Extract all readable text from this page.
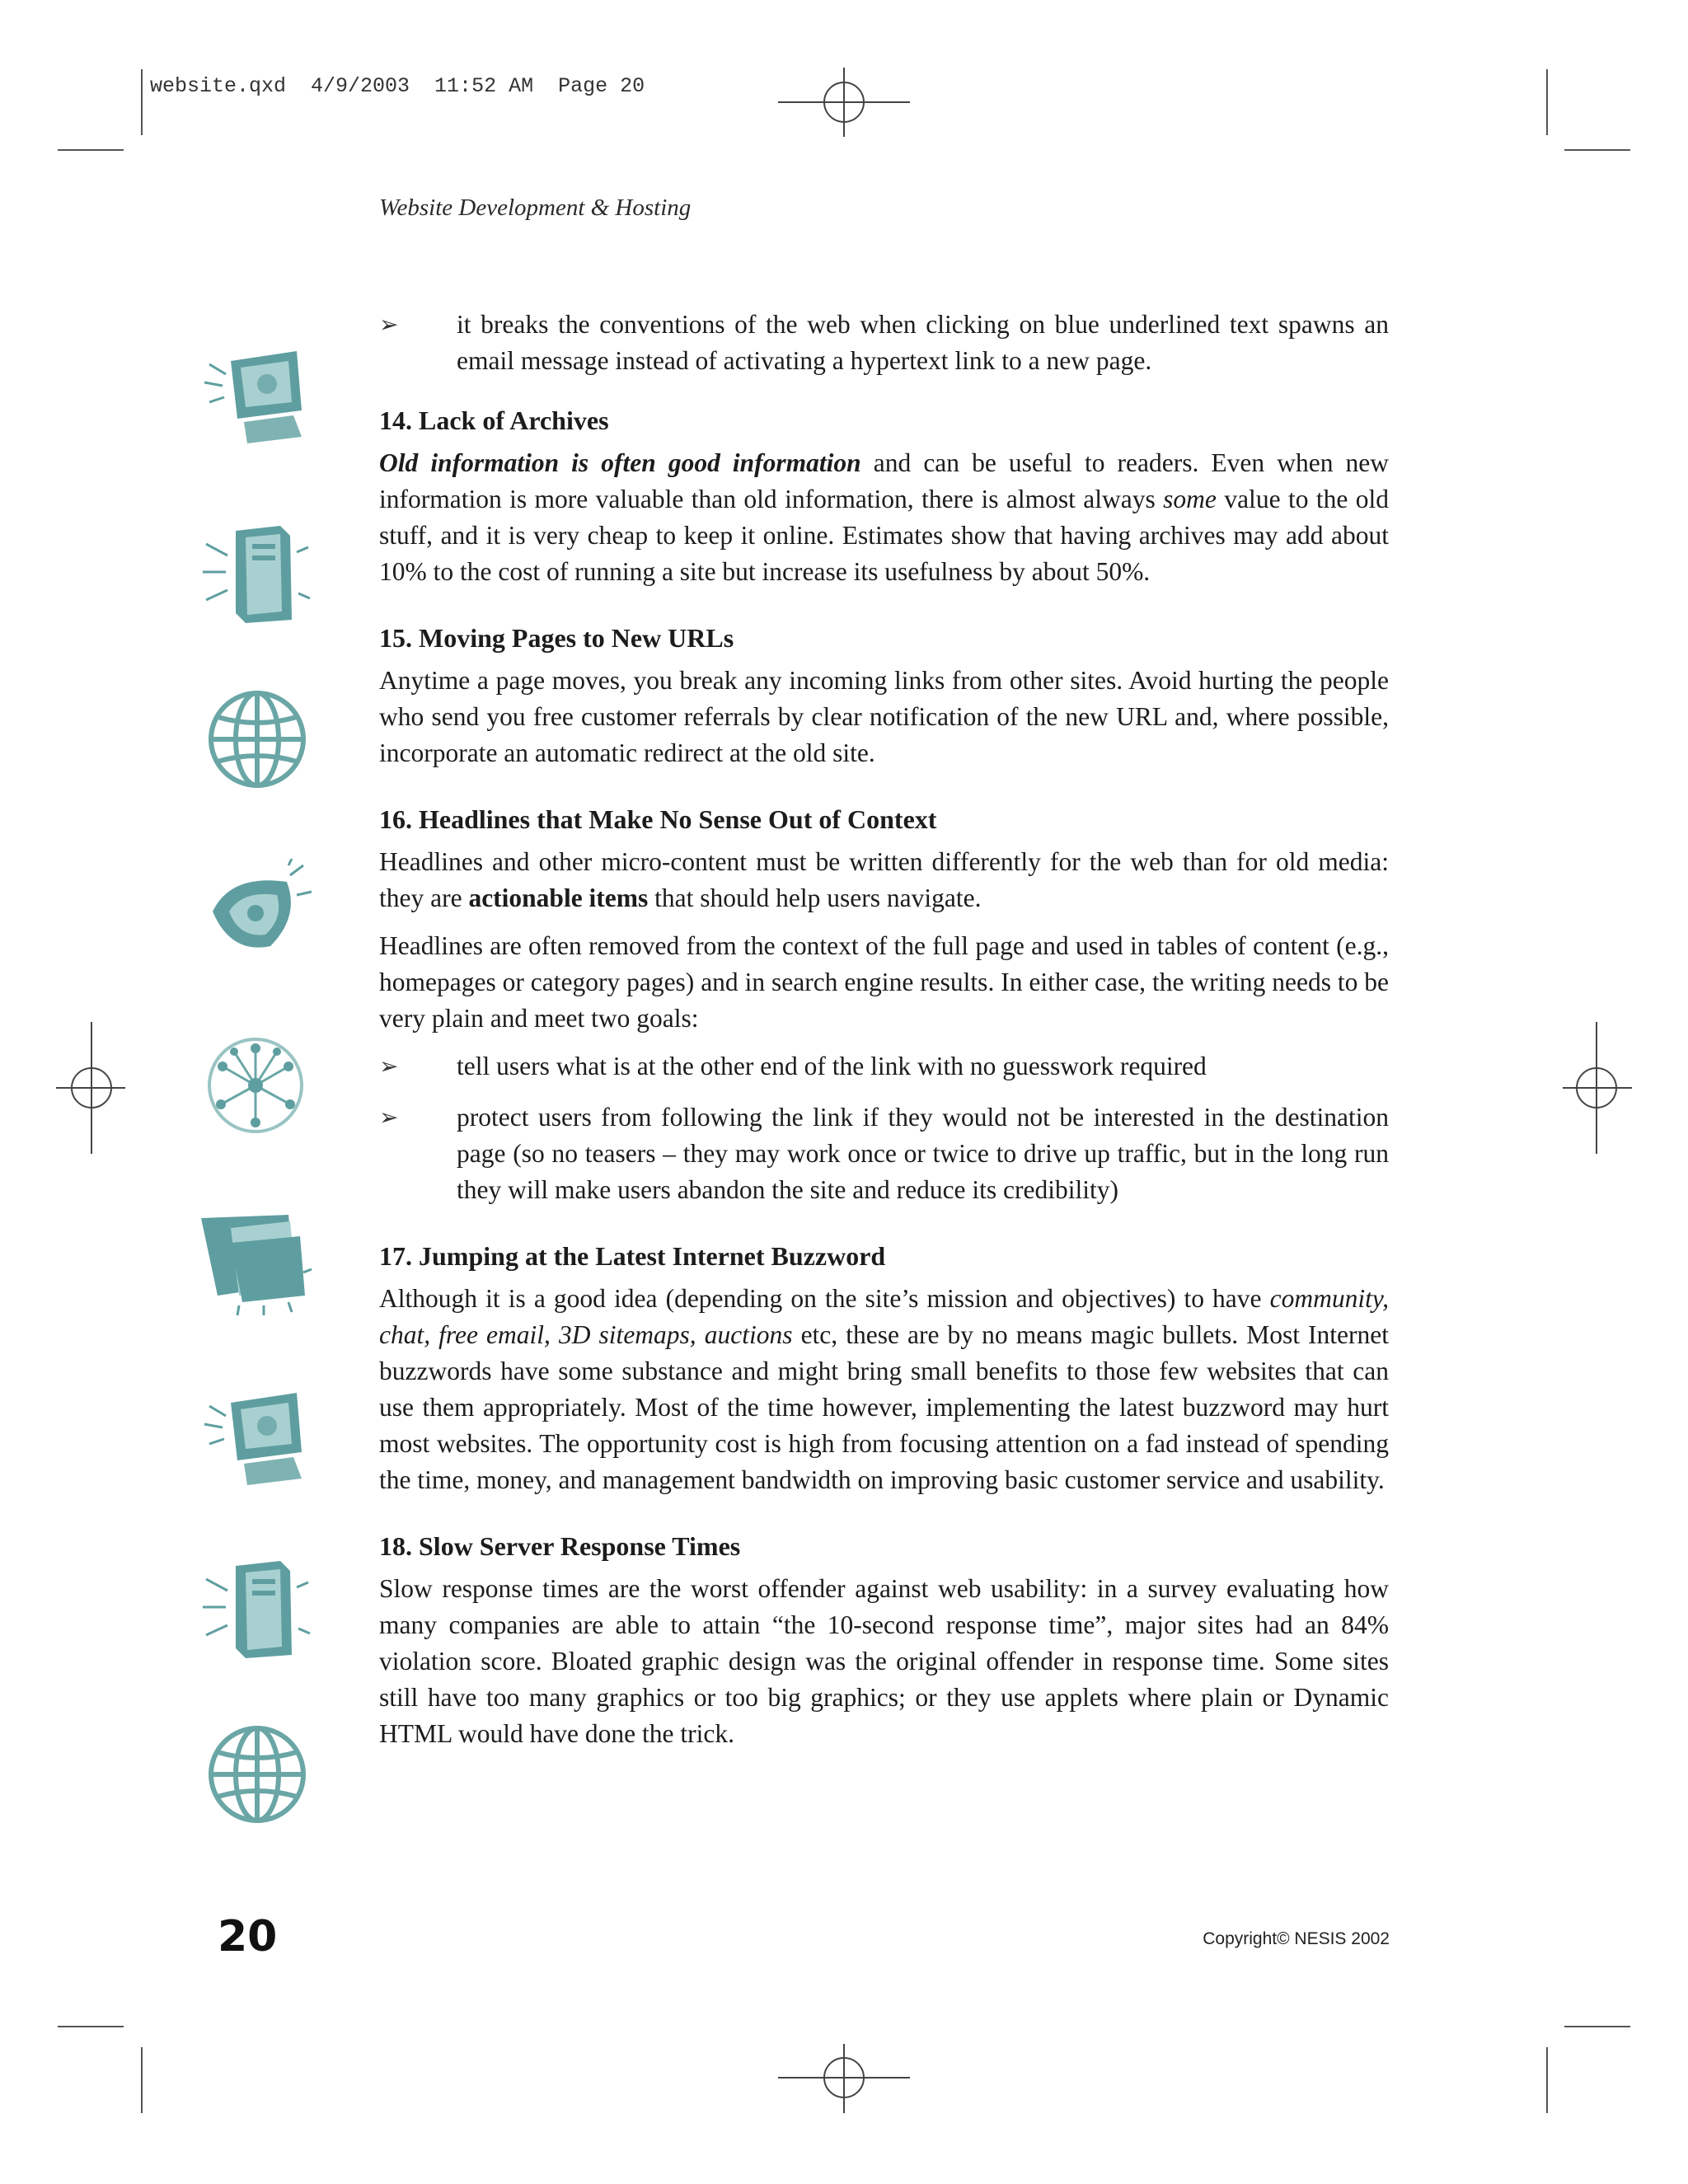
website.qxd  4/9/2003  11:52 AM  Page 20
Website Development & Hosting
➢ it breaks the conventions of the web when clicking on blue underlined text spawns an email message instead of activating a hypertext link to a new page.
14. Lack of Archives

Old information is often good information and can be useful to readers. Even when new information is more valuable than old information, there is almost always some value to the old stuff, and it is very cheap to keep it online. Estimates show that having archives may add about 10% to the cost of running a site but increase its usefulness by about 50%.

15. Moving Pages to New URLs

Anytime a page moves, you break any incoming links from other sites. Avoid hurting the people who send you free customer referrals by clear notification of the new URL and, where possible, incorporate an automatic redirect at the old site.

16. Headlines that Make No Sense Out of Context

Headlines and other micro-content must be written differently for the web than for old media: they are actionable items that should help users navigate.

Headlines are often removed from the context of the full page and used in tables of content (e.g., homepages or category pages) and in search engine results. In either case, the writing needs to be very plain and meet two goals:

➢ tell users what is at the other end of the link with no guesswork required
➢ protect users from following the link if they would not be interested in the destination page (so no teasers – they may work once or twice to drive up traffic, but in the long run they will make users abandon the site and reduce its credibility)
17. Jumping at the Latest Internet Buzzword

Although it is a good idea (depending on the site’s mission and objectives) to have community, chat, free email, 3D sitemaps, auctions etc, these are by no means magic bullets. Most Internet buzzwords have some substance and might bring small benefits to those few websites that can use them appropriately. Most of the time however, implementing the latest buzzword may hurt most websites. The opportunity cost is high from focusing attention on a fad instead of spending the time, money, and management bandwidth on improving basic customer service and usability.

18. Slow Server Response Times

Slow response times are the worst offender against web usability: in a survey evaluating how many companies are able to attain “the 10-second response time”, major sites had an 84% violation score. Bloated graphic design was the original offender in response time. Some sites still have too many graphics or too big graphics; or they use applets where plain or Dynamic HTML would have done the trick.

20	Copyright© NESIS 2002
